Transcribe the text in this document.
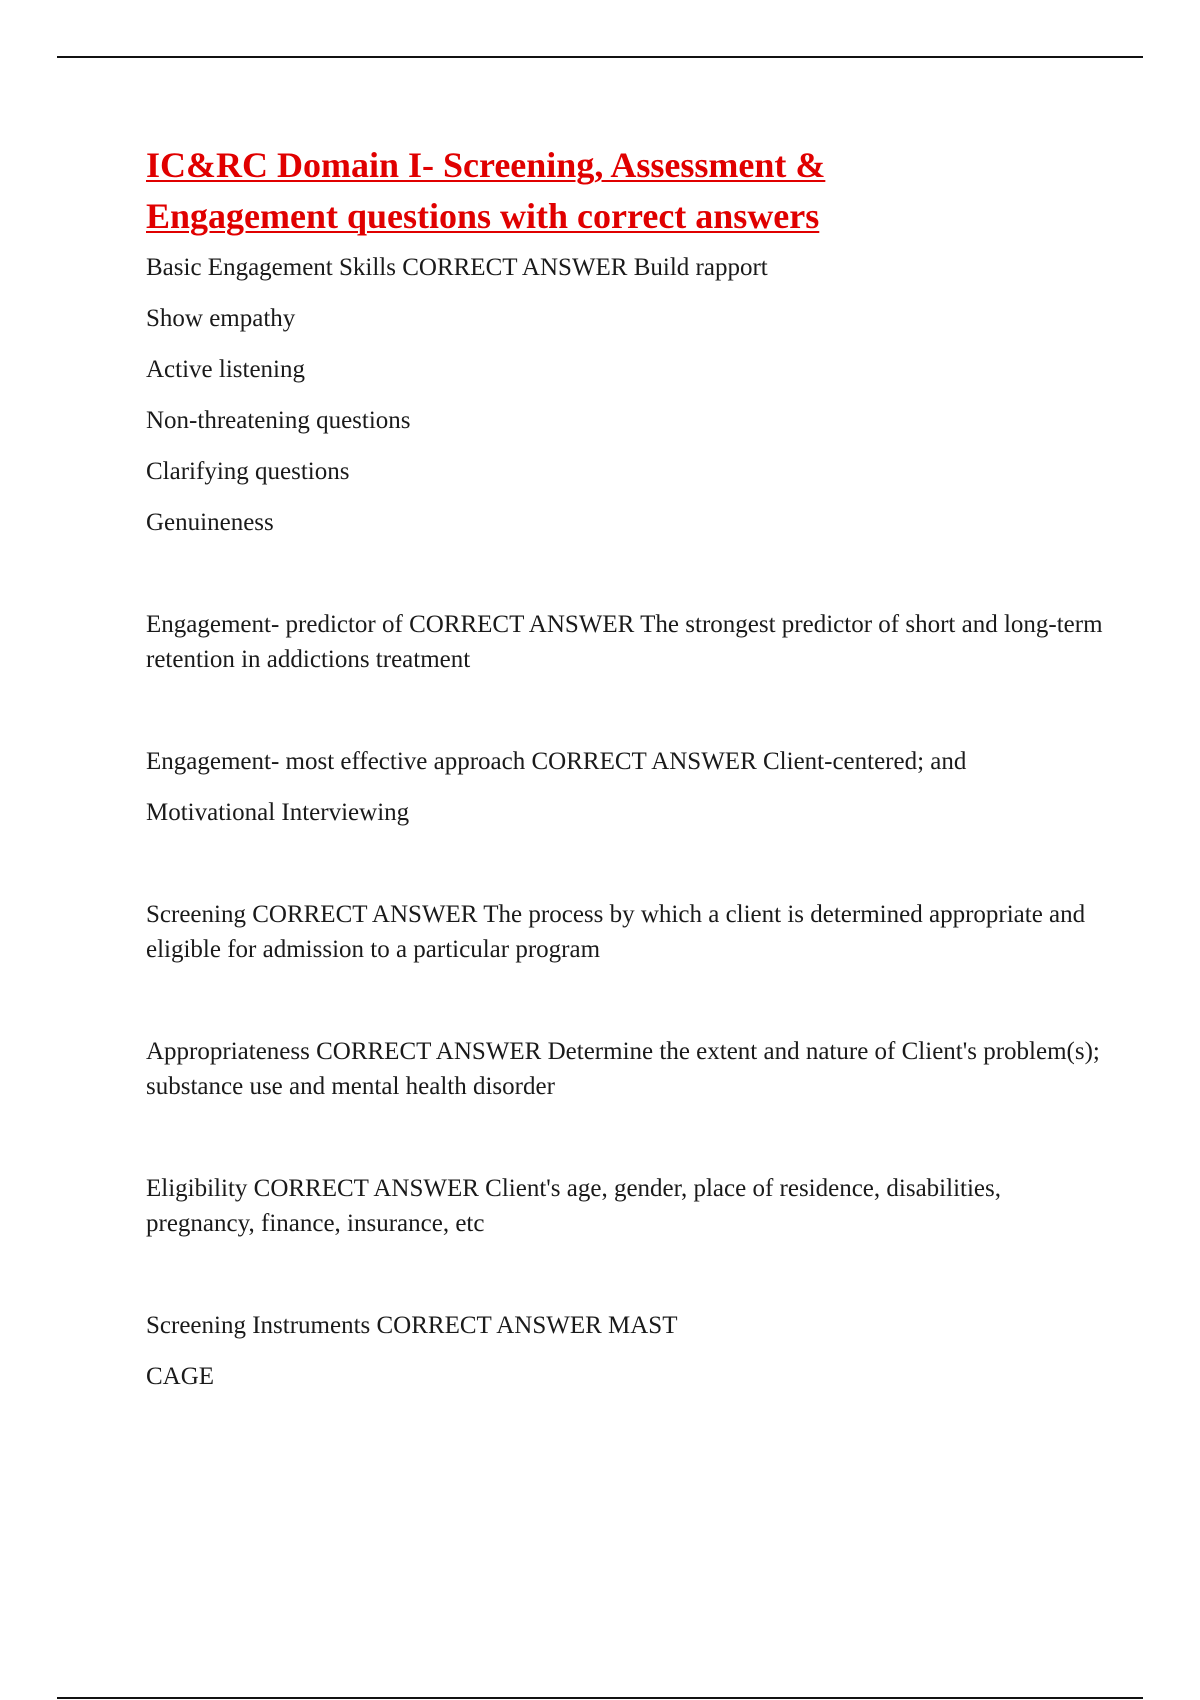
IC&RC Domain I- Screening, Assessment &
Engagement questions with correct answers

Basic Engagement Skills CORRECT ANSWER Build rapport

Show empathy

Active listening

Non-threatening questions

Clarifying questions

Genuineness

Engagement- predictor of CORRECT ANSWER The strongest predictor of short and long-term retention in addictions treatment

Engagement- most effective approach CORRECT ANSWER Client-centered; and

Motivational Interviewing

Screening CORRECT ANSWER The process by which a client is determined appropriate and eligible for admission to a particular program

Appropriateness CORRECT ANSWER Determine the extent and nature of Client's problem(s); substance use and mental health disorder

Eligibility CORRECT ANSWER Client's age, gender, place of residence, disabilities, pregnancy, finance, insurance, etc

Screening Instruments CORRECT ANSWER MAST

CAGE
